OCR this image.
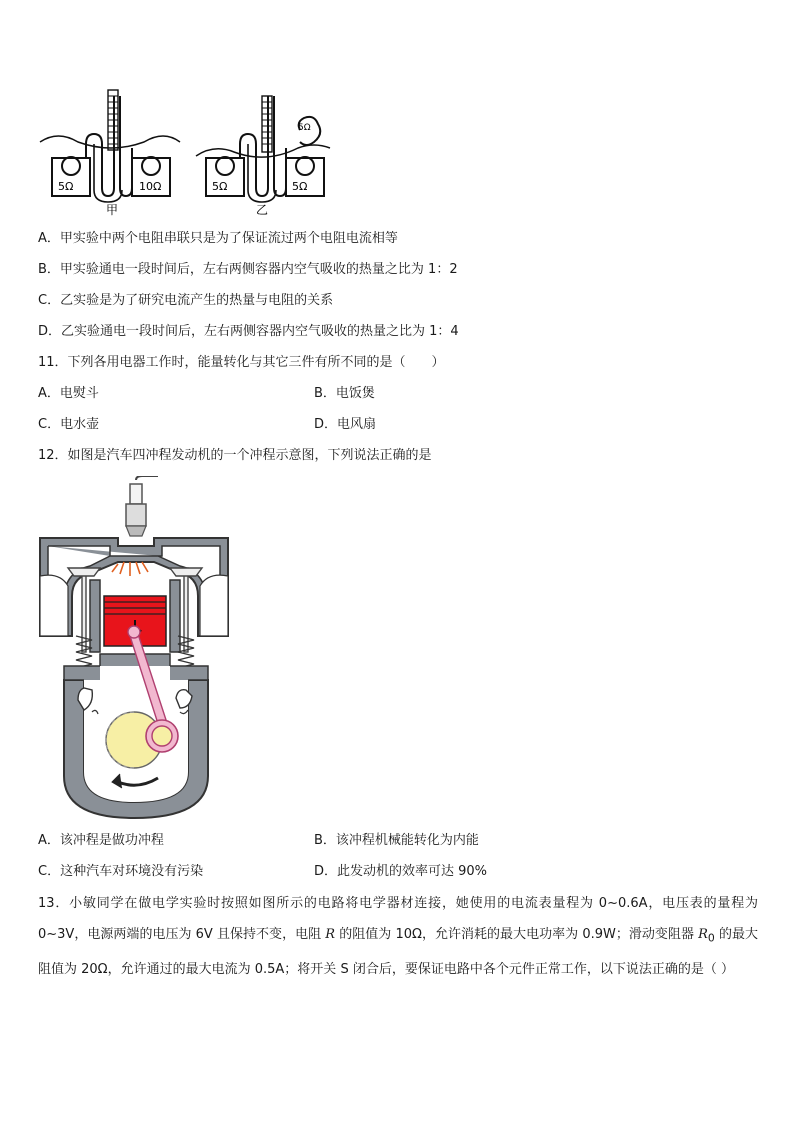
5Ω	10Ω
甲
5Ω	5Ω
5Ω
乙
A．甲实验中两个电阻串联只是为了保证流过两个电阻电流相等
B．甲实验通电一段时间后，左右两侧容器内空气吸收的热量之比为 1：2
C．乙实验是为了研究电流产生的热量与电阻的关系
D．乙实验通电一段时间后，左右两侧容器内空气吸收的热量之比为 1：4
11．下列各用电器工作时，能量转化与其它三件有所不同的是（　　）
A．电熨斗	B．电饭煲
C．电水壶	D．电风扇
12．如图是汽车四冲程发动机的一个冲程示意图，下列说法正确的是
A．该冲程是做功冲程	B．该冲程机械能转化为内能
C．这种汽车对环境没有污染	D．此发动机的效率可达 90%
13．小敏同学在做电学实验时按照如图所示的电路将电学器材连接，她使用的电流表量程为 0~0.6A，电压表的量程为 0~3V，电源两端的电压为 6V 且保持不变，电阻 R 的阻值为 10Ω，允许消耗的最大电功率为 0.9W；滑动变阻器 $R_0$ 的最大阻值为 20Ω，允许通过的最大电流为 0.5A；将开关 S 闭合后，要保证电路中各个元件正常工作，以下说法正确的是（ ）
